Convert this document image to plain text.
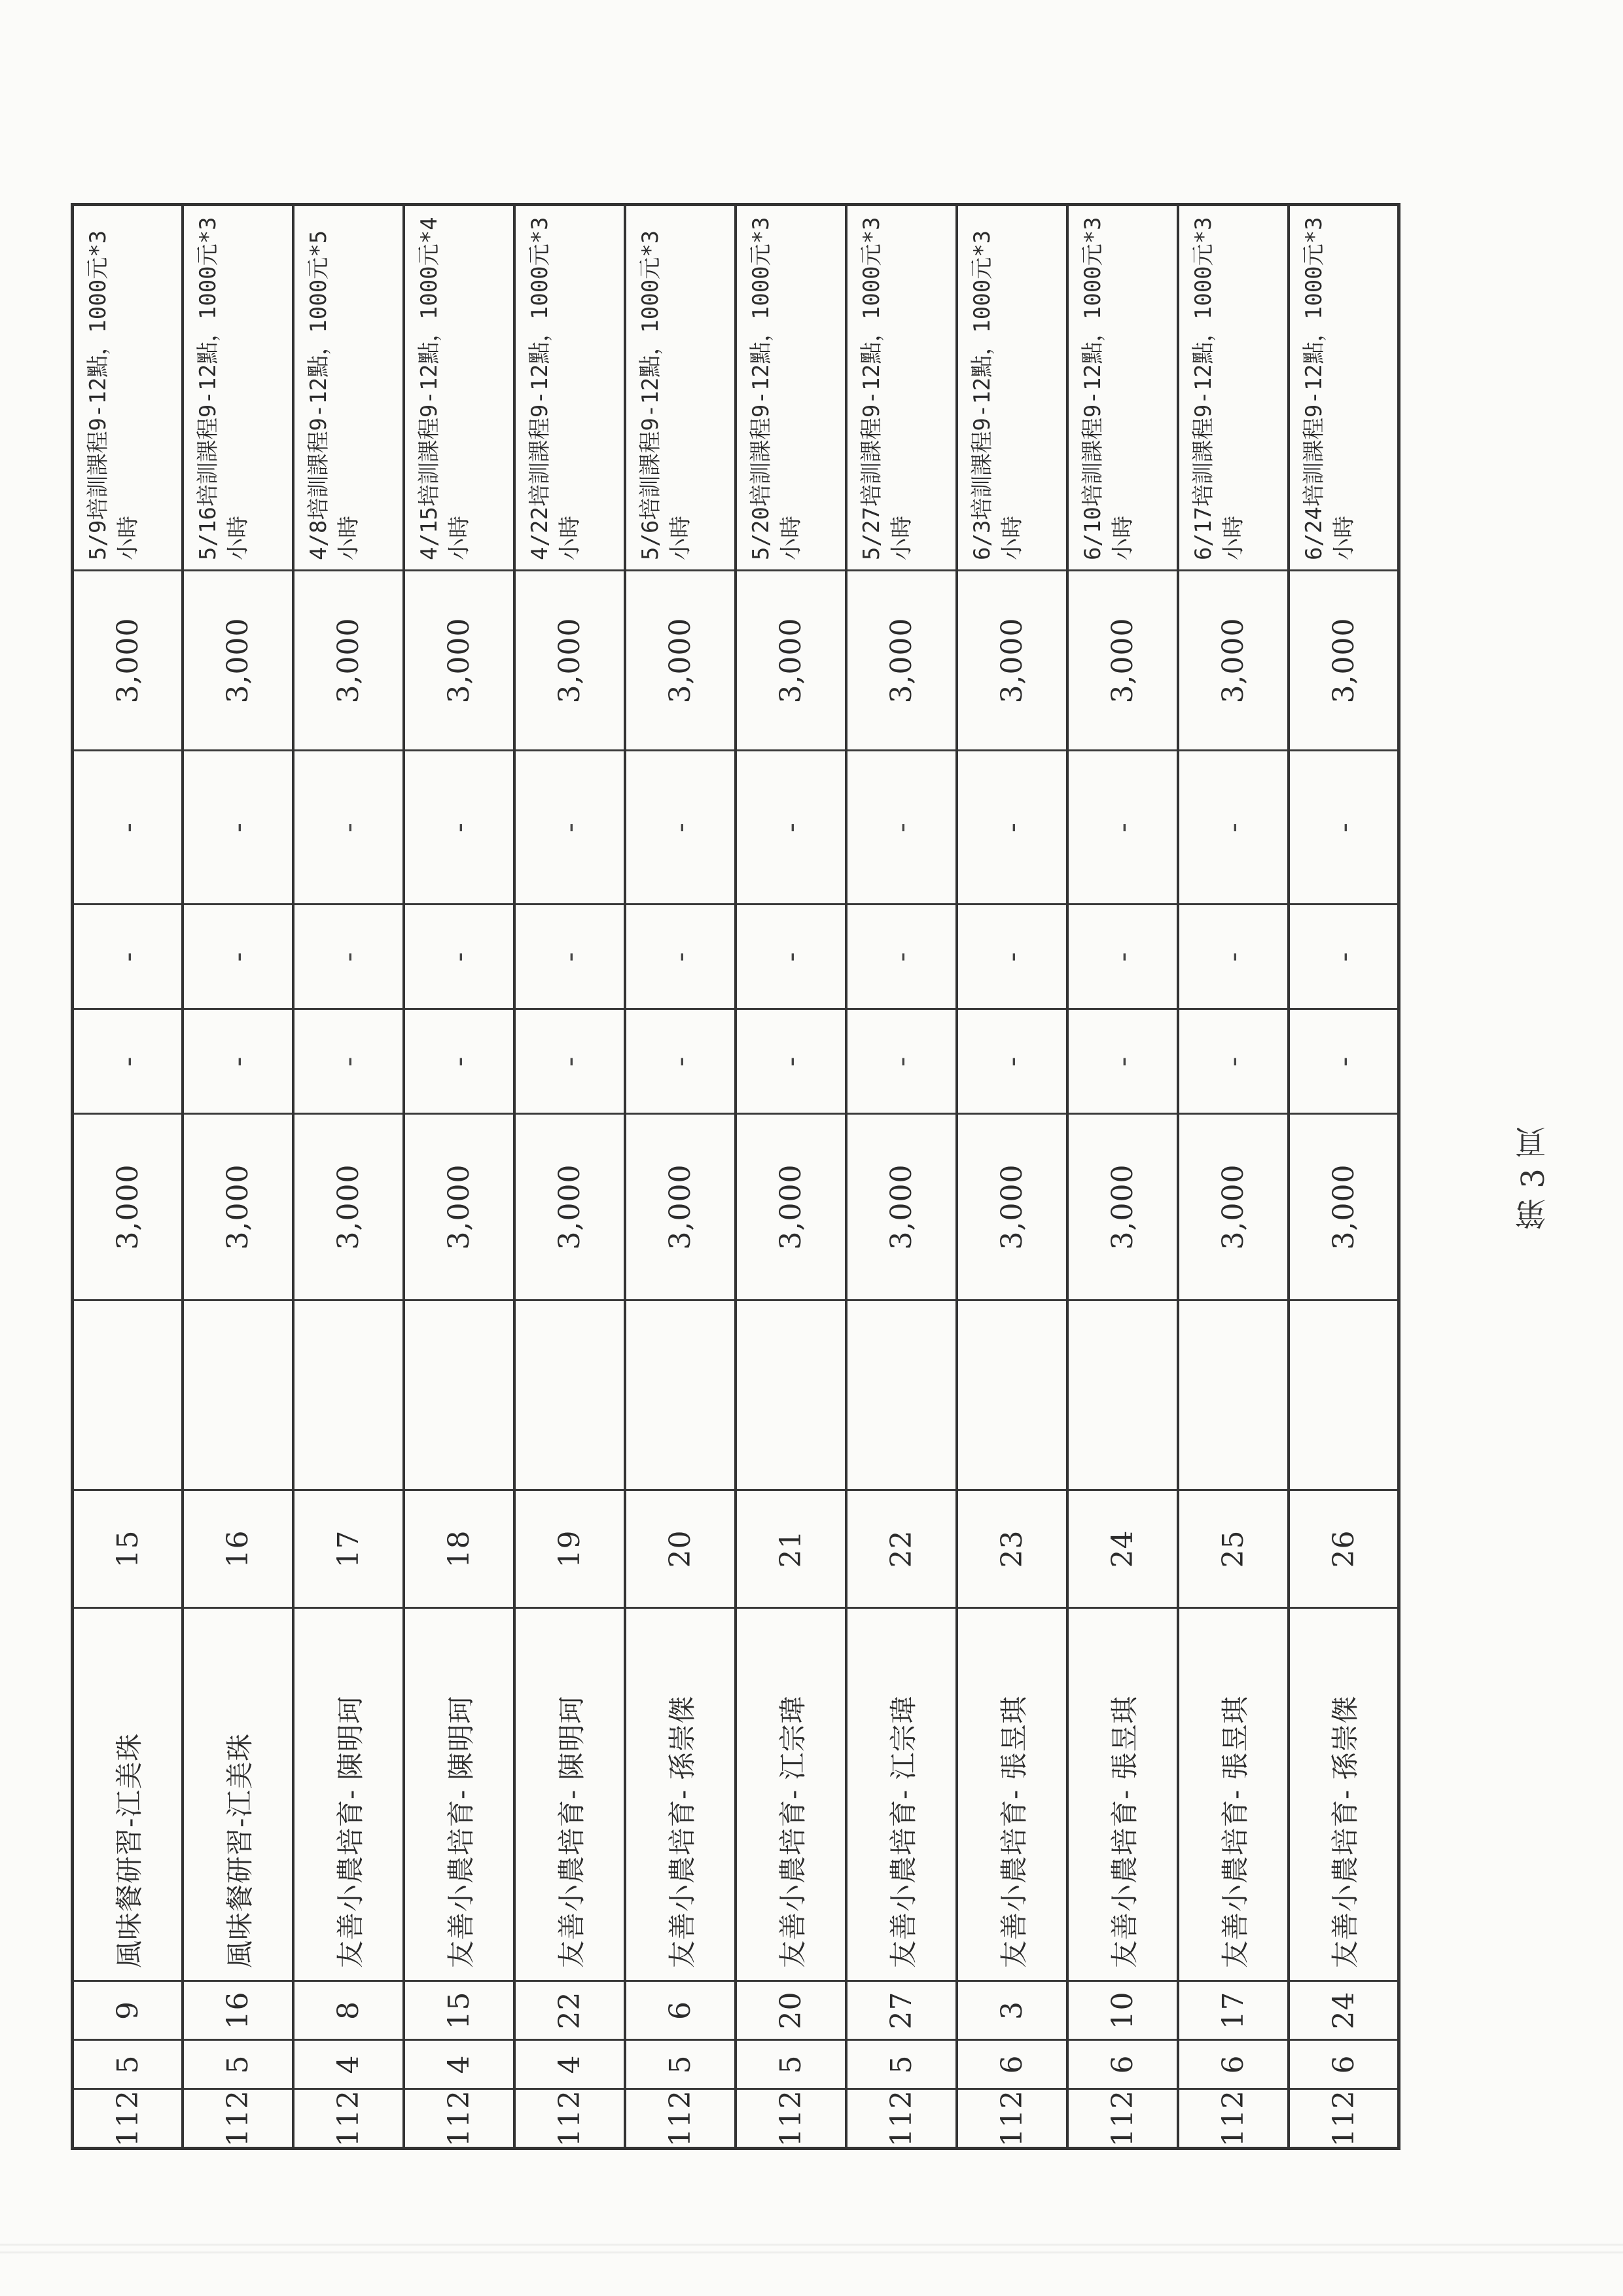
112
5
9
風味餐研習-江美珠
15
3,000
-
-
-
3,000
5/9培訓課程9-12點，1000元*3小時
112
5
16
風味餐研習-江美珠
16
3,000
-
-
-
3,000
5/16培訓課程9-12點，1000元*3小時
112
4
8
友善小農培育- 陳明珂
17
3,000
-
-
-
3,000
4/8培訓課程9-12點，1000元*5小時
112
4
15
友善小農培育- 陳明珂
18
3,000
-
-
-
3,000
4/15培訓課程9-12點，1000元*4小時
112
4
22
友善小農培育- 陳明珂
19
3,000
-
-
-
3,000
4/22培訓課程9-12點，1000元*3小時
112
5
6
友善小農培育- 孫崇傑
20
3,000
-
-
-
3,000
5/6培訓課程9-12點，1000元*3小時
112
5
20
友善小農培育- 江宗瑋
21
3,000
-
-
-
3,000
5/20培訓課程9-12點，1000元*3小時
112
5
27
友善小農培育- 江宗瑋
22
3,000
-
-
-
3,000
5/27培訓課程9-12點，1000元*3小時
112
6
3
友善小農培育- 張昱琪
23
3,000
-
-
-
3,000
6/3培訓課程9-12點，1000元*3小時
112
6
10
友善小農培育- 張昱琪
24
3,000
-
-
-
3,000
6/10培訓課程9-12點，1000元*3小時
112
6
17
友善小農培育- 張昱琪
25
3,000
-
-
-
3,000
6/17培訓課程9-12點，1000元*3小時
112
6
24
友善小農培育- 孫崇傑
26
3,000
-
-
-
3,000
6/24培訓課程9-12點，1000元*3小時
第 3 頁
